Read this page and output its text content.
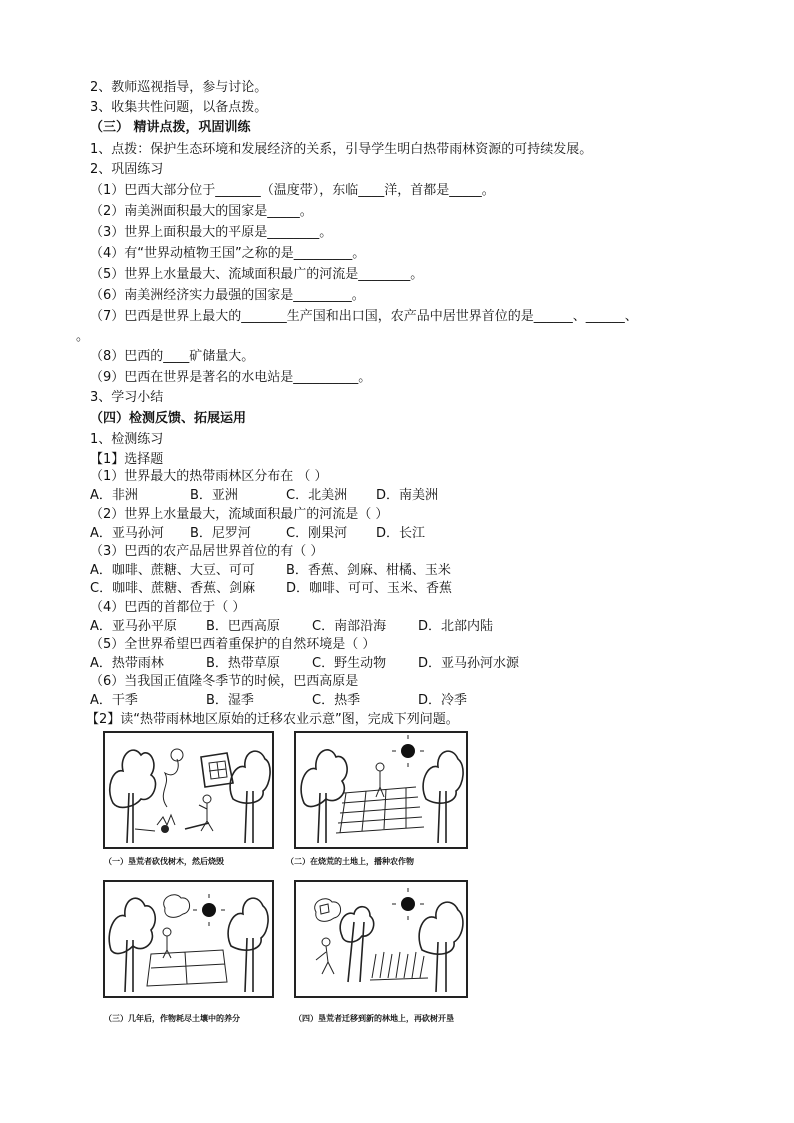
2、教师巡视指导，参与讨论。
3、收集共性问题，以备点拨。
（三） 精讲点拨，巩固训练
1、点拨：保护生态环境和发展经济的关系，引导学生明白热带雨林资源的可持续发展。
2、巩固练习
（1）巴西大部分位于_______（温度带），东临____洋，首都是_____。
（2）南美洲面积最大的国家是_____。
（3）世界上面积最大的平原是________。
（4）有“世界动植物王国”之称的是_________。
（5）世界上水量最大、流域面积最广的河流是________。
（6）南美洲经济实力最强的国家是_________。
（7）巴西是世界上最大的_______生产国和出口国，农产品中居世界首位的是______、______、
。
（8）巴西的____矿储量大。
（9）巴西在世界是著名的水电站是__________。
3、学习小结
（四）检测反馈、拓展运用
1、检测练习
【1】选择题
（1）世界最大的热带雨林区分布在 （ ）
A．非洲	B．亚洲	C．北美洲 D．南美洲
（2）世界上水量最大，流域面积最广的河流是（ ）
A．亚马孙河 B．尼罗河	C．刚果河 D．长江
（3）巴西的农产品居世界首位的有（ ）
A．咖啡、蔗糖、大豆、可可 B．香蕉、剑麻、柑橘、玉米
C．咖啡、蔗糖、香蕉、剑麻 D．咖啡、可可、玉米、香蕉
（4）巴西的首都位于（ ）
A．亚马孙平原 B．巴西高原 C．南部沿海 D．北部内陆
（5）全世界希望巴西着重保护的自然环境是（ ）
A．热带雨林	B．热带草原 C．野生动物 D．亚马孙河水源
（6）当我国正值隆冬季节的时候，巴西高原是
A．干季	B．湿季	C．热季	D．冷季
【2】读“热带雨林地区原始的迁移农业示意”图，完成下列问题。
（一）垦荒者砍伐树木，然后烧毁	（二）在烧荒的土地上，播种农作物
（三）几年后，作物耗尽土壤中的养分	（四）垦荒者迁移到新的林地上，再砍树开垦
